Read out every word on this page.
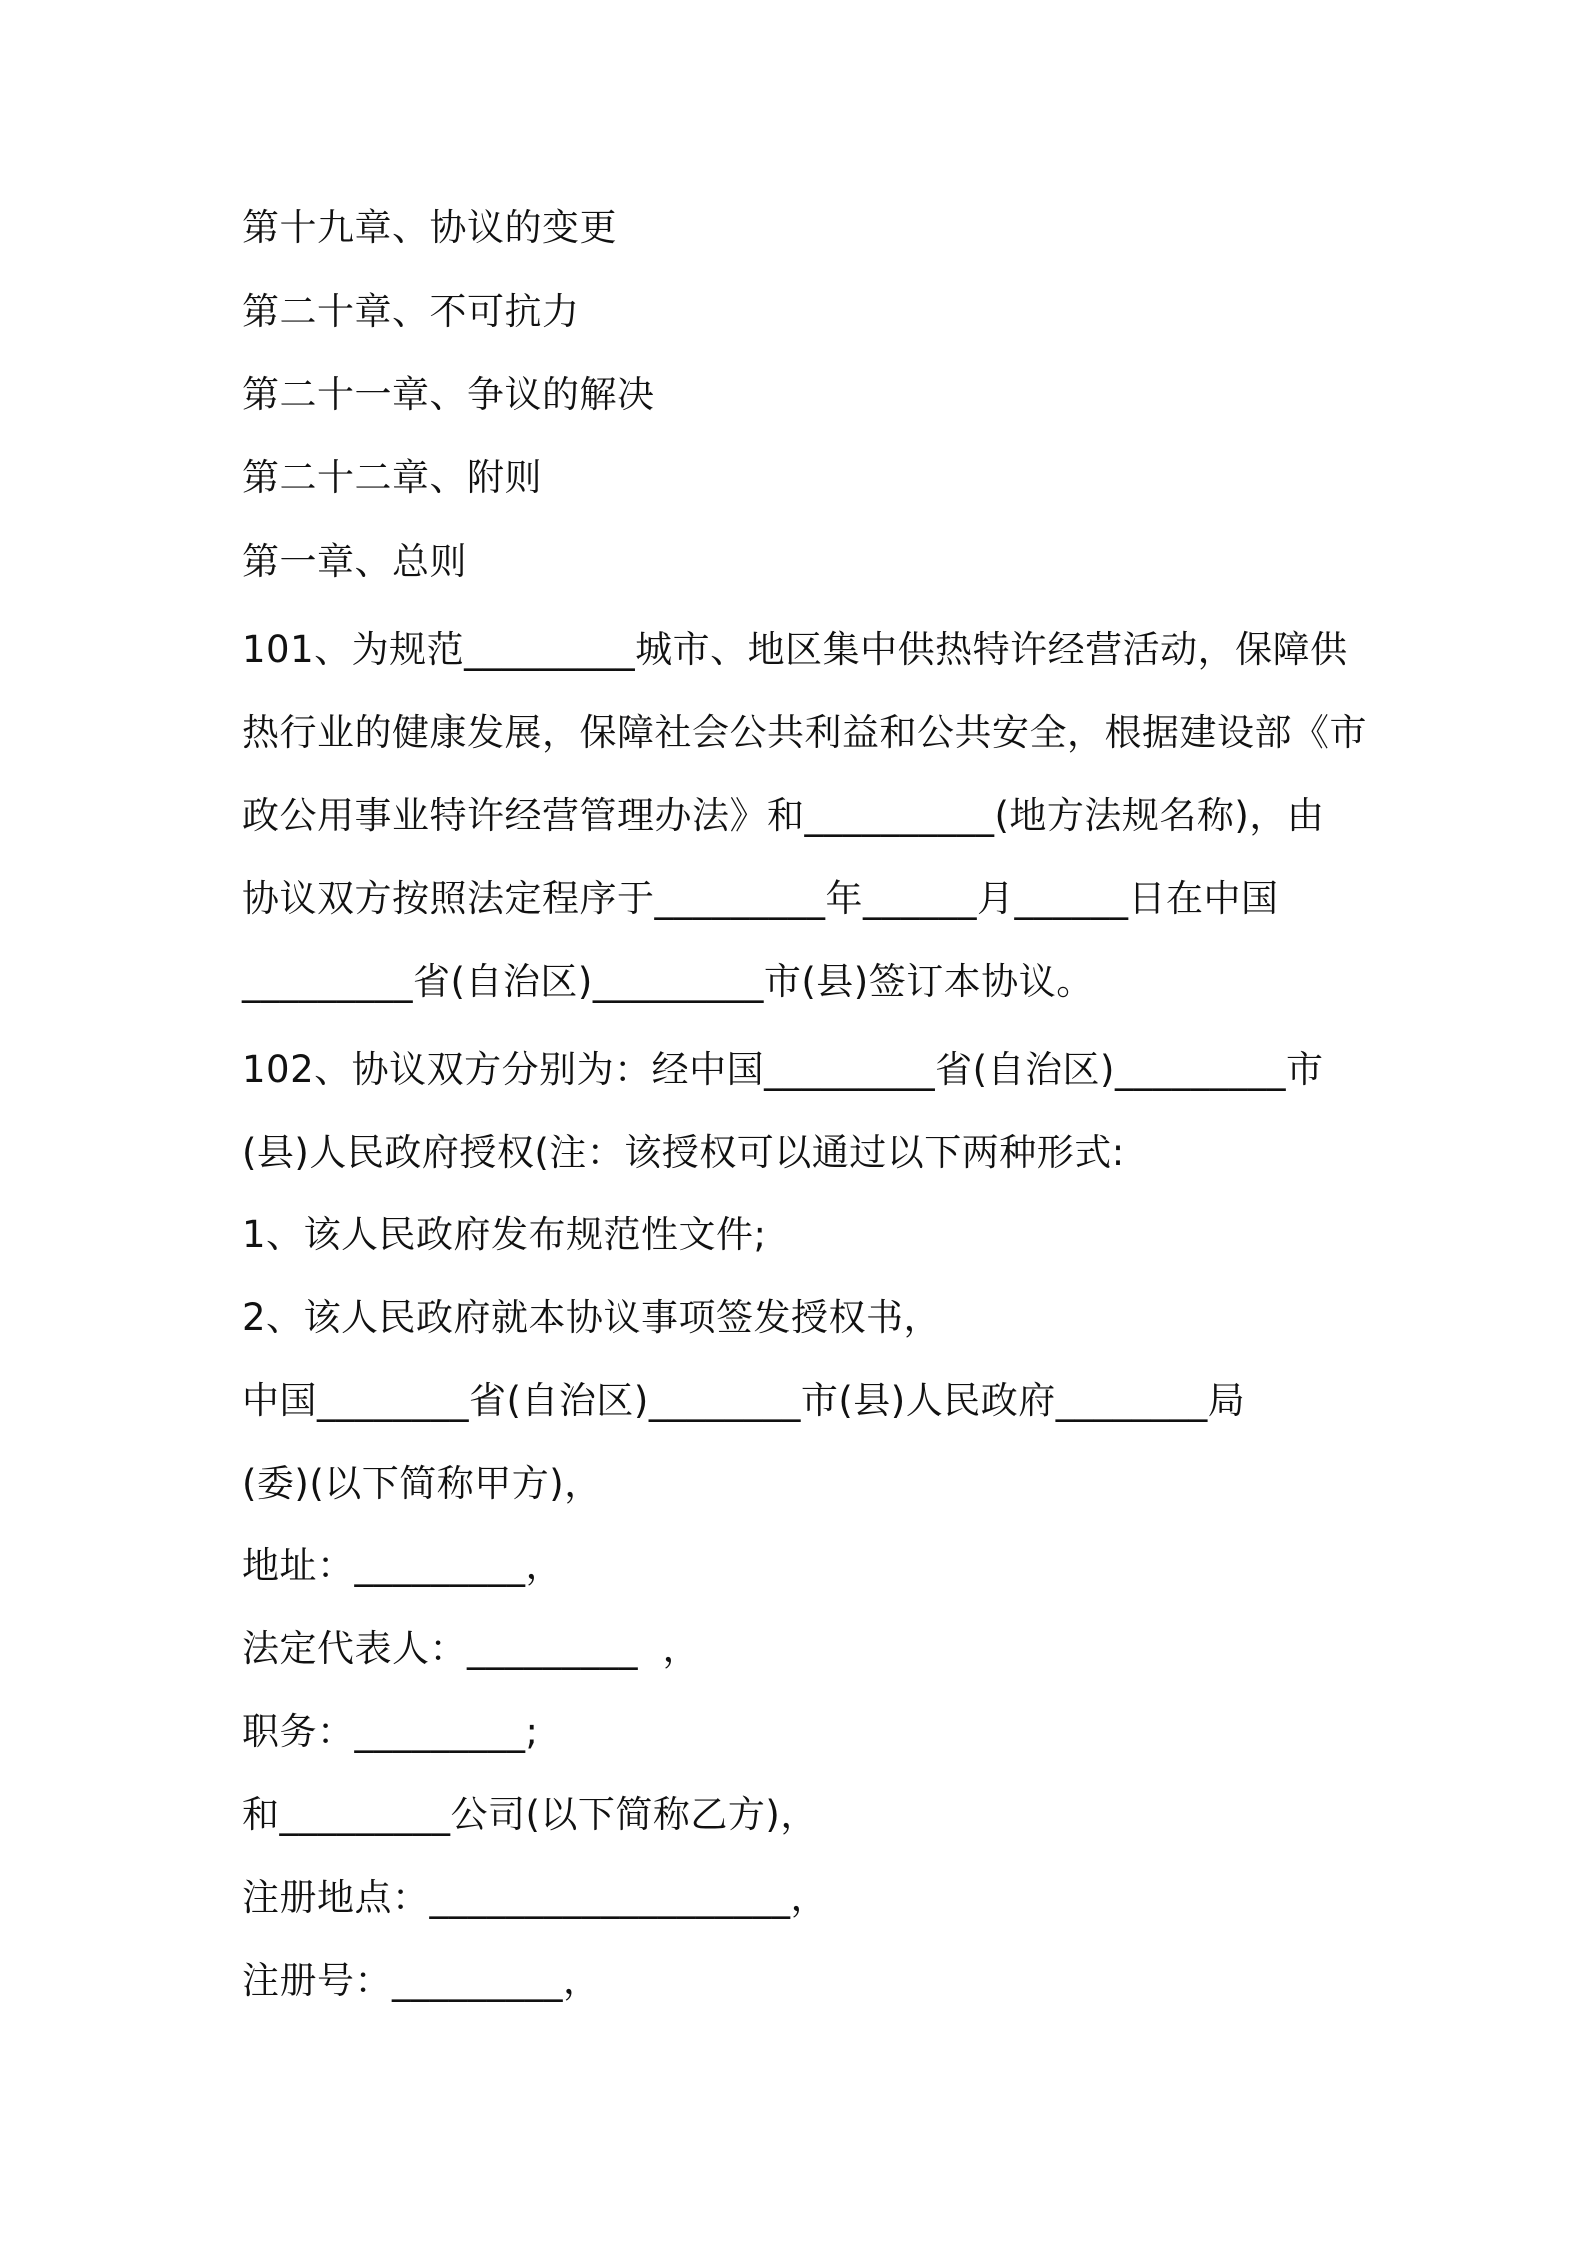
第十九章、协议的变更
第二十章、不可抗力
第二十一章、争议的解决
第二十二章、附则
第一章、总则
101、为规范_________城市、地区集中供热特许经营活动，保障供
热行业的健康发展，保障社会公共利益和公共安全，根据建设部《市
政公用事业特许经营管理办法》和__________(地方法规名称)，由
协议双方按照法定程序于_________年______月______日在中国
_________省(自治区)_________市(县)签订本协议。
102、协议双方分别为：经中国_________省(自治区)_________市
(县)人民政府授权(注：该授权可以通过以下两种形式:
1、该人民政府发布规范性文件;
2、该人民政府就本协议事项签发授权书，
中国________省(自治区)________市(县)人民政府________局
(委)(以下简称甲方)，
地址：_________，
法定代表人：_________  ，
职务：_________;
和_________公司(以下简称乙方)，
注册地点：___________________，
注册号：_________，
